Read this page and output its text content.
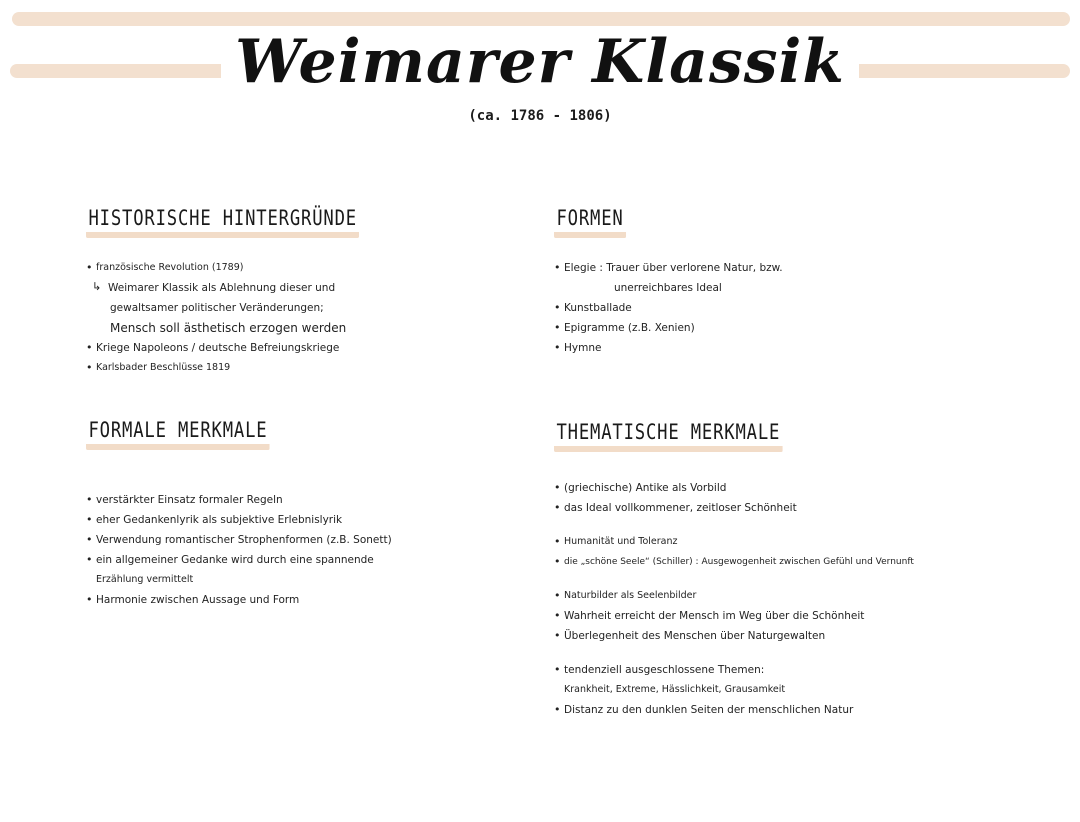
Weimarer Klassik
(ca. 1786 - 1806)
HISTORISCHE HINTERGRÜNDE
• französische Revolution (1789)
↳ Weimarer Klassik als Ablehnung dieser und
gewaltsamer politischer Veränderungen;
Mensch soll ästhetisch erzogen werden
• Kriege Napoleons / deutsche Befreiungskriege
• Karlsbader Beschlüsse 1819
FORMEN
• Elegie : Trauer über verlorene Natur, bzw.
unerreichbares Ideal
• Kunstballade
• Epigramme (z.B. Xenien)
• Hymne
FORMALE MERKMALE
• verstärkter Einsatz formaler Regeln
• eher Gedankenlyrik als subjektive Erlebnislyrik
• Verwendung romantischer Strophenformen (z.B. Sonett)
• ein allgemeiner Gedanke wird durch eine spannende
Erzählung vermittelt
• Harmonie zwischen Aussage und Form
THEMATISCHE MERKMALE
• (griechische) Antike als Vorbild
• das Ideal vollkommener, zeitloser Schönheit
• Humanität und Toleranz
• die „schöne Seele“ (Schiller) : Ausgewogenheit zwischen Gefühl und Vernunft
• Naturbilder als Seelenbilder
• Wahrheit erreicht der Mensch im Weg über die Schönheit
• Überlegenheit des Menschen über Naturgewalten
• tendenziell ausgeschlossene Themen:
Krankheit, Extreme, Hässlichkeit, Grausamkeit
• Distanz zu den dunklen Seiten der menschlichen Natur
